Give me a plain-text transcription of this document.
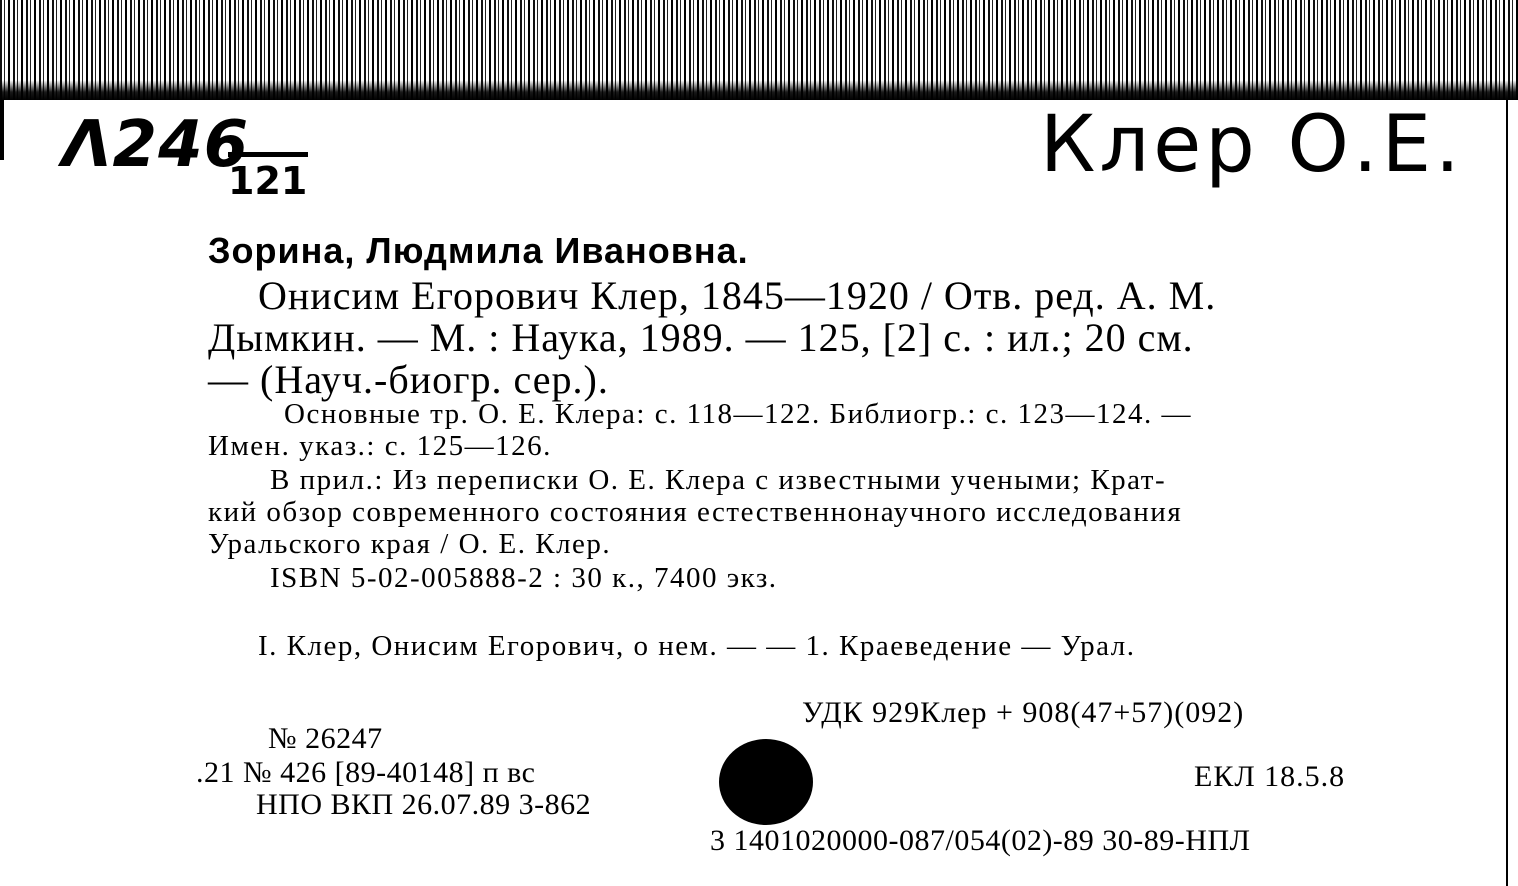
Λ246
121	Клер О.Е.
Зорина, Людмила Ивановна.
Онисим Егорович Клер, 1845—1920 / Отв. ред. А. М.
Дымкин. — М. : Наука, 1989. — 125, [2] с. : ил.; 20 см.
— (Науч.-биогр. сер.).
Основные тр. О. Е. Клера: с. 118—122. Библиогр.: с. 123—124. —
Имен. указ.: с. 125—126.
В прил.: Из переписки О. Е. Клера с известными учеными; Крат-
кий обзор современного состояния естественнонаучного исследования
Уральского края / О. Е. Клер.
ISBN 5-02-005888-2 : 30 к., 7400 экз.
I. Клер, Онисим Егорович, о нем. — — 1. Краеведение — Урал.
УДК 929Клер + 908(47+57)(092)
№ 26247
.21 № 426 [89-40148] п вс
НПО ВКП 26.07.89 3-862
ЕКЛ 18.5.8
3 1401020000-087/054(02)-89 30-89-НПЛ
